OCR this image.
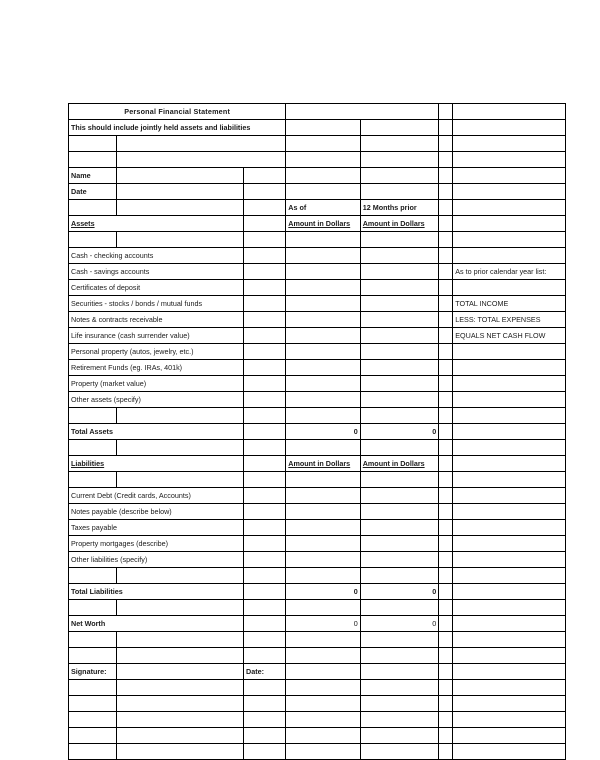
Personal Financial Statement						
This should include jointly held assets and liabilities						

Name						
Date						
			As of	12 Months prior		
Assets			Amount in Dollars	Amount in Dollars		

Cash - checking accounts						
Cash - savings accounts						As to prior calendar year list:
Certificates of deposit						
Securities - stocks / bonds / mutual funds						TOTAL INCOME
Notes & contracts receivable						LESS: TOTAL EXPENSES
Life insurance (cash surrender value)						EQUALS NET CASH FLOW
Personal property (autos, jewelry, etc.)						
Retirement Funds (eg. IRAs, 401k)						
Property (market value)						
Other assets (specify)						

Total Assets			0	0		

Liabilities			Amount in Dollars	Amount in Dollars		

Current Debt (Credit cards, Accounts)						
Notes payable (describe below)						
Taxes payable						
Property mortgages (describe)						
Other liabilities (specify)						

Total Liabilities			0	0		

Net Worth			0	0		

Signature:		Date:				
